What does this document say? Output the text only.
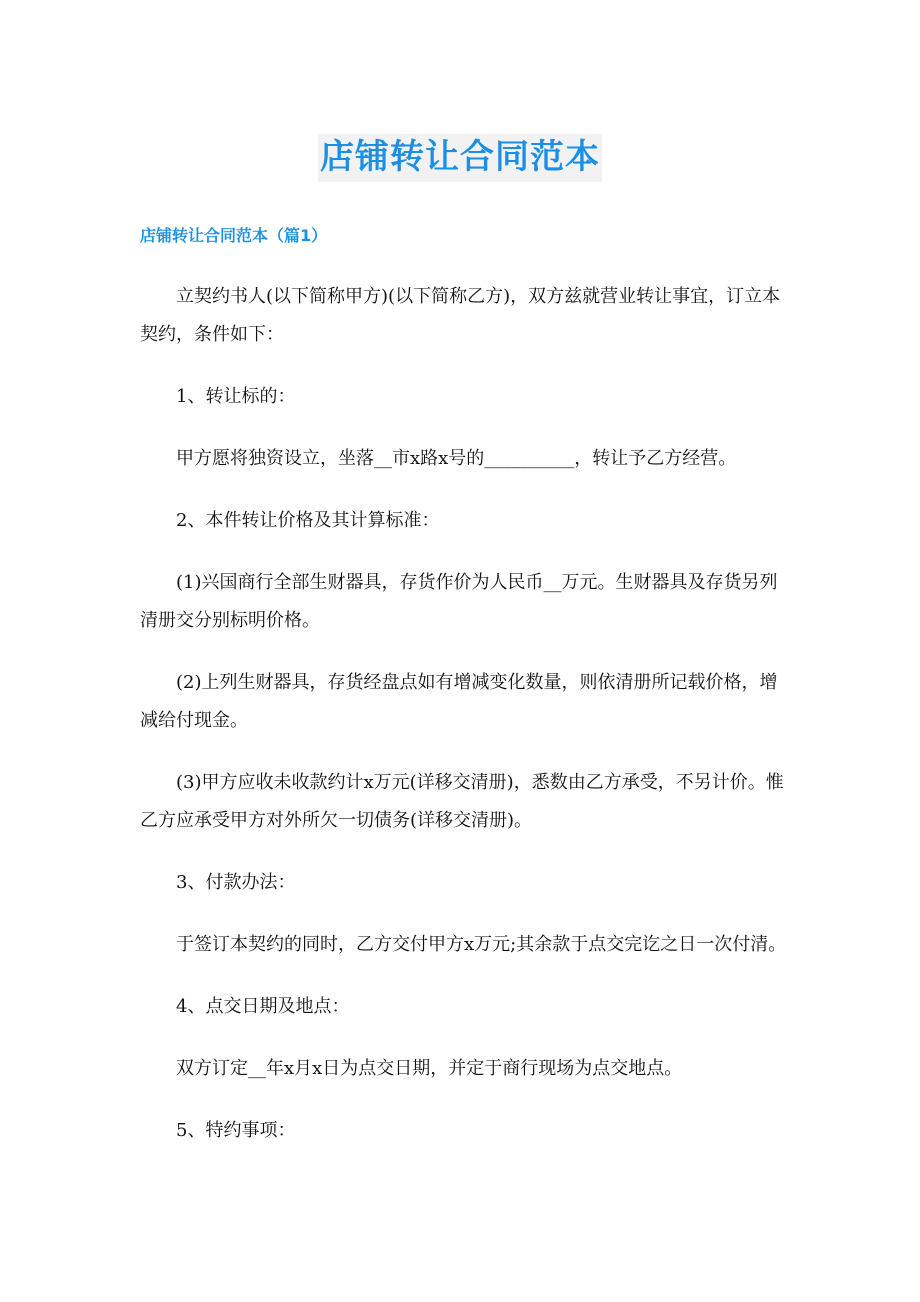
店铺转让合同范本
店铺转让合同范本（篇1）

立契约书人(以下简称甲方)(以下简称乙方)，双方兹就营业转让事宜，订立本契约，条件如下：

1、转让标的：

甲方愿将独资设立，坐落__市x路x号的__________，转让予乙方经营。

2、本件转让价格及其计算标准：

(1)兴国商行全部生财器具，存货作价为人民币__万元。生财器具及存货另列清册交分别标明价格。

(2)上列生财器具，存货经盘点如有增减变化数量，则依清册所记载价格，增减给付现金。

(3)甲方应收未收款约计x万元(详移交清册)，悉数由乙方承受，不另计价。惟乙方应承受甲方对外所欠一切债务(详移交清册)。

3、付款办法：

于签订本契约的同时，乙方交付甲方x万元;其余款于点交完讫之日一次付清。

4、点交日期及地点：

双方订定__年x月x日为点交日期，并定于商行现场为点交地点。

5、特约事项：
